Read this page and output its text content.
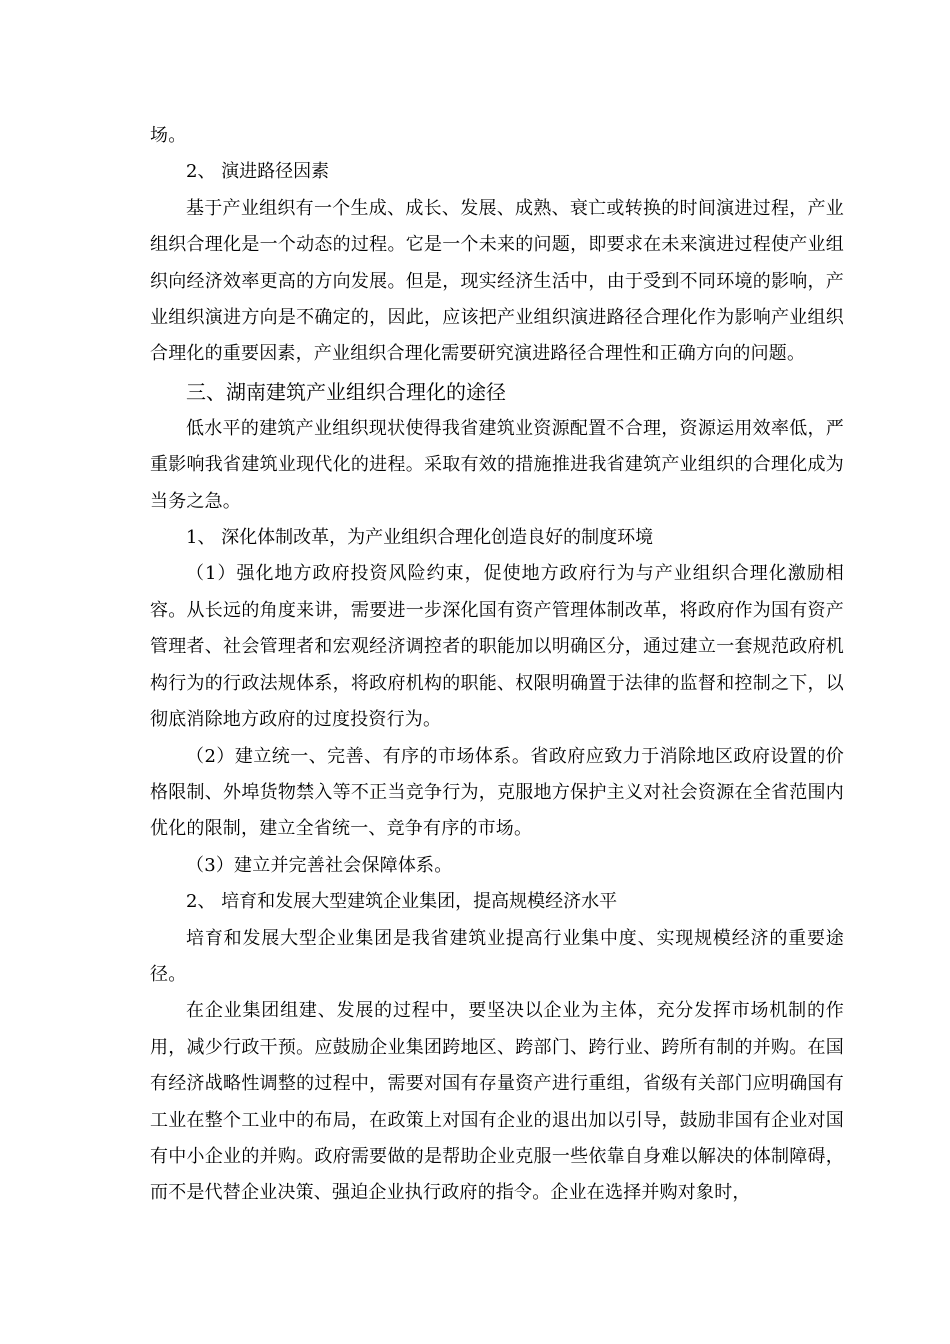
场。

2、 演进路径因素

基于产业组织有一个生成、成长、发展、成熟、衰亡或转换的时间演进过程，产业组织合理化是一个动态的过程。它是一个未来的问题，即要求在未来演进过程使产业组织向经济效率更高的方向发展。但是，现实经济生活中，由于受到不同环境的影响，产业组织演进方向是不确定的，因此，应该把产业组织演进路径合理化作为影响产业组织合理化的重要因素，产业组织合理化需要研究演进路径合理性和正确方向的问题。

三、湖南建筑产业组织合理化的途径

低水平的建筑产业组织现状使得我省建筑业资源配置不合理，资源运用效率低，严重影响我省建筑业现代化的进程。采取有效的措施推进我省建筑产业组织的合理化成为当务之急。

1、 深化体制改革，为产业组织合理化创造良好的制度环境

（1）强化地方政府投资风险约束，促使地方政府行为与产业组织合理化激励相容。从长远的角度来讲，需要进一步深化国有资产管理体制改革，将政府作为国有资产管理者、社会管理者和宏观经济调控者的职能加以明确区分，通过建立一套规范政府机构行为的行政法规体系，将政府机构的职能、权限明确置于法律的监督和控制之下，以彻底消除地方政府的过度投资行为。

（2）建立统一、完善、有序的市场体系。省政府应致力于消除地区政府设置的价格限制、外埠货物禁入等不正当竞争行为，克服地方保护主义对社会资源在全省范围内优化的限制，建立全省统一、竞争有序的市场。

（3）建立并完善社会保障体系。

2、 培育和发展大型建筑企业集团，提高规模经济水平

培育和发展大型企业集团是我省建筑业提高行业集中度、实现规模经济的重要途径。

在企业集团组建、发展的过程中，要坚决以企业为主体，充分发挥市场机制的作用，减少行政干预。应鼓励企业集团跨地区、跨部门、跨行业、跨所有制的并购。在国有经济战略性调整的过程中，需要对国有存量资产进行重组，省级有关部门应明确国有工业在整个工业中的布局，在政策上对国有企业的退出加以引导，鼓励非国有企业对国有中小企业的并购。政府需要做的是帮助企业克服一些依靠自身难以解决的体制障碍，而不是代替企业决策、强迫企业执行政府的指令。企业在选择并购对象时，
